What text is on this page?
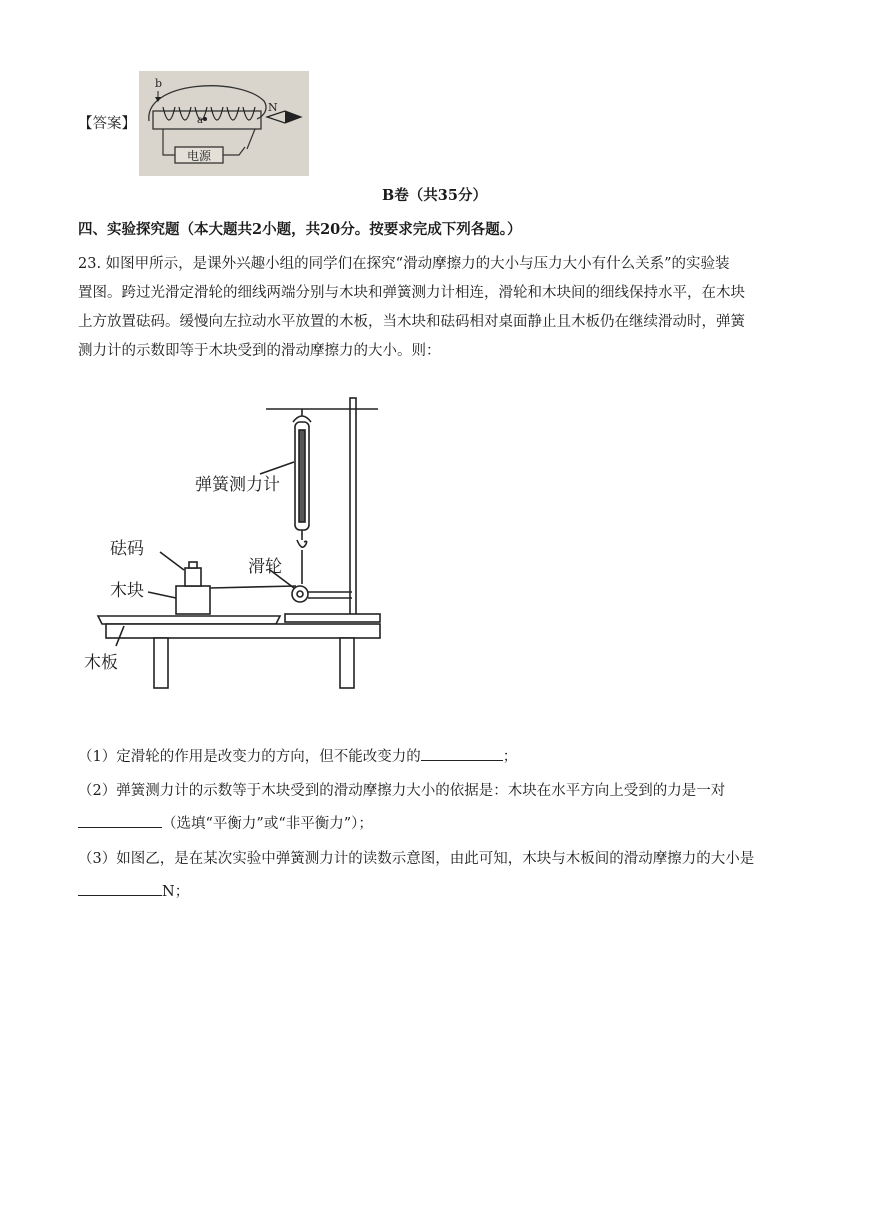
【答案】
电源
b
a
N
B卷（共35分）
四、实验探究题（本大题共2小题，共20分。按要求完成下列各题。）
23. 如图甲所示，是课外兴趣小组的同学们在探究“滑动摩擦力的大小与压力大小有什么关系”的实验装
置图。跨过光滑定滑轮的细线两端分别与木块和弹簧测力计相连，滑轮和木块间的细线保持水平，在木块
上方放置砝码。缓慢向左拉动水平放置的木板，当木块和砝码相对桌面静止且木板仍在继续滑动时，弹簧
测力计的示数即等于木块受到的滑动摩擦力的大小。则：
弹簧测力计
砝码
滑轮
木块
木板
（1）定滑轮的作用是改变力的方向，但不能改变力的	；
（2）弹簧测力计的示数等于木块受到的滑动摩擦力大小的依据是：木块在水平方向上受到的力是一对
（选填“平衡力”或“非平衡力”）；
（3）如图乙，是在某次实验中弹簧测力计的读数示意图，由此可知，木块与木板间的滑动摩擦力的大小是
N；
